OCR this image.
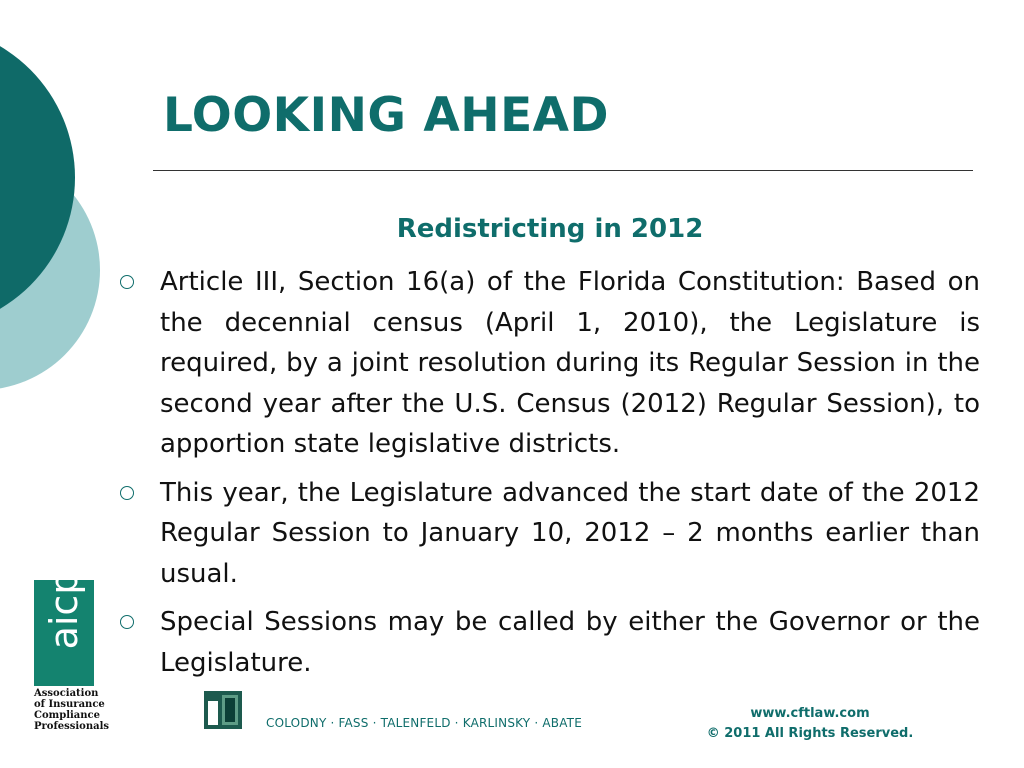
LOOKING AHEAD
Redistricting in 2012
Article III, Section 16(a) of the Florida Constitution: Based on the decennial census (April 1, 2010), the Legislature is required, by a joint resolution during its Regular Session in the second year after the U.S. Census (2012) Regular Session), to apportion state legislative districts.
This year, the Legislature advanced the start date of the 2012 Regular Session to January 10, 2012 – 2 months earlier than usual.
Special Sessions may be called by either the Governor or the Legislature.
aicp
Association
of Insurance
Compliance
Professionals	COLODNY · FASS · TALENFELD · KARLINSKY · ABATE
www.cftlaw.com
© 2011 All Rights Reserved.
